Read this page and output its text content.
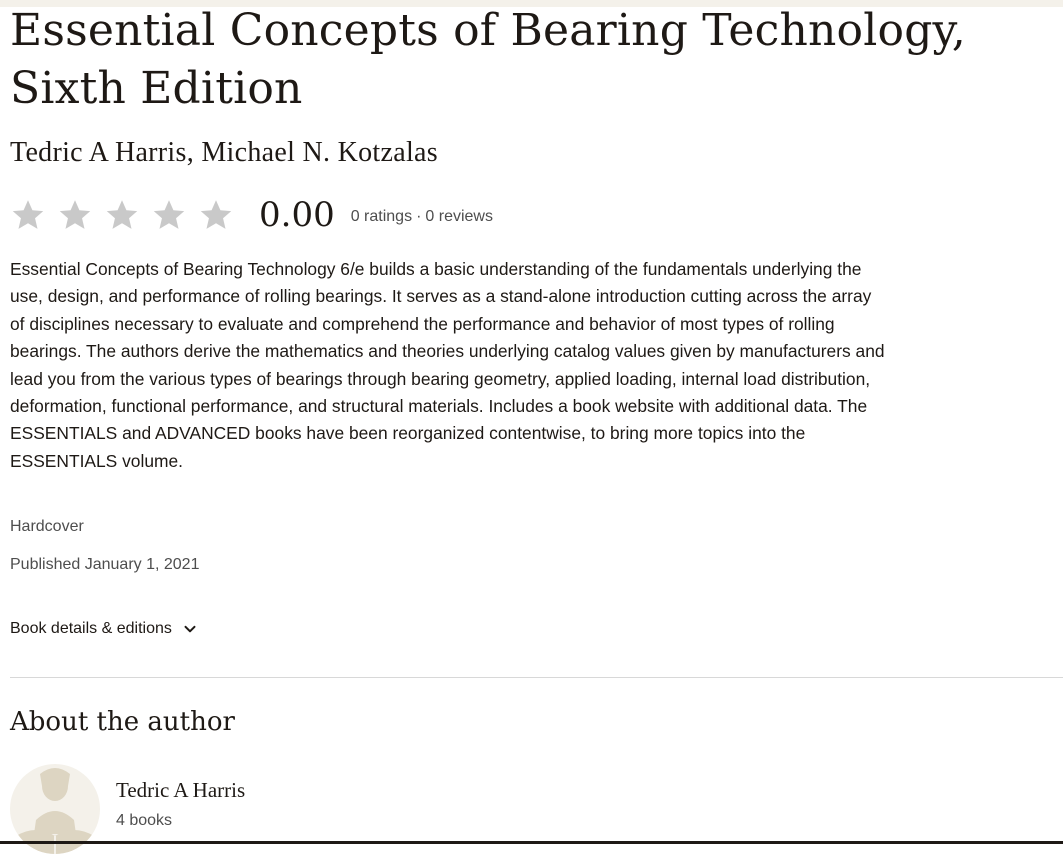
Essential Concepts of Bearing Technology, Sixth Edition
Tedric A Harris, Michael N. Kotzalas
0.00 0 ratings · 0 reviews

Essential Concepts of Bearing Technology 6/e builds a basic understanding of the fundamentals underlying the use, design, and performance of rolling bearings. It serves as a stand-alone introduction cutting across the array of disciplines necessary to evaluate and comprehend the performance and behavior of most types of rolling bearings. The authors derive the mathematics and theories underlying catalog values given by manufacturers and lead you from the various types of bearings through bearing geometry, applied loading, internal load distribution, deformation, functional performance, and structural materials. Includes a book website with additional data. The ESSENTIALS and ADVANCED books have been reorganized contentwise, to bring more topics into the ESSENTIALS volume.

Hardcover
Published January 1, 2021
Book details & editions
About the author
Tedric A Harris
4 books
